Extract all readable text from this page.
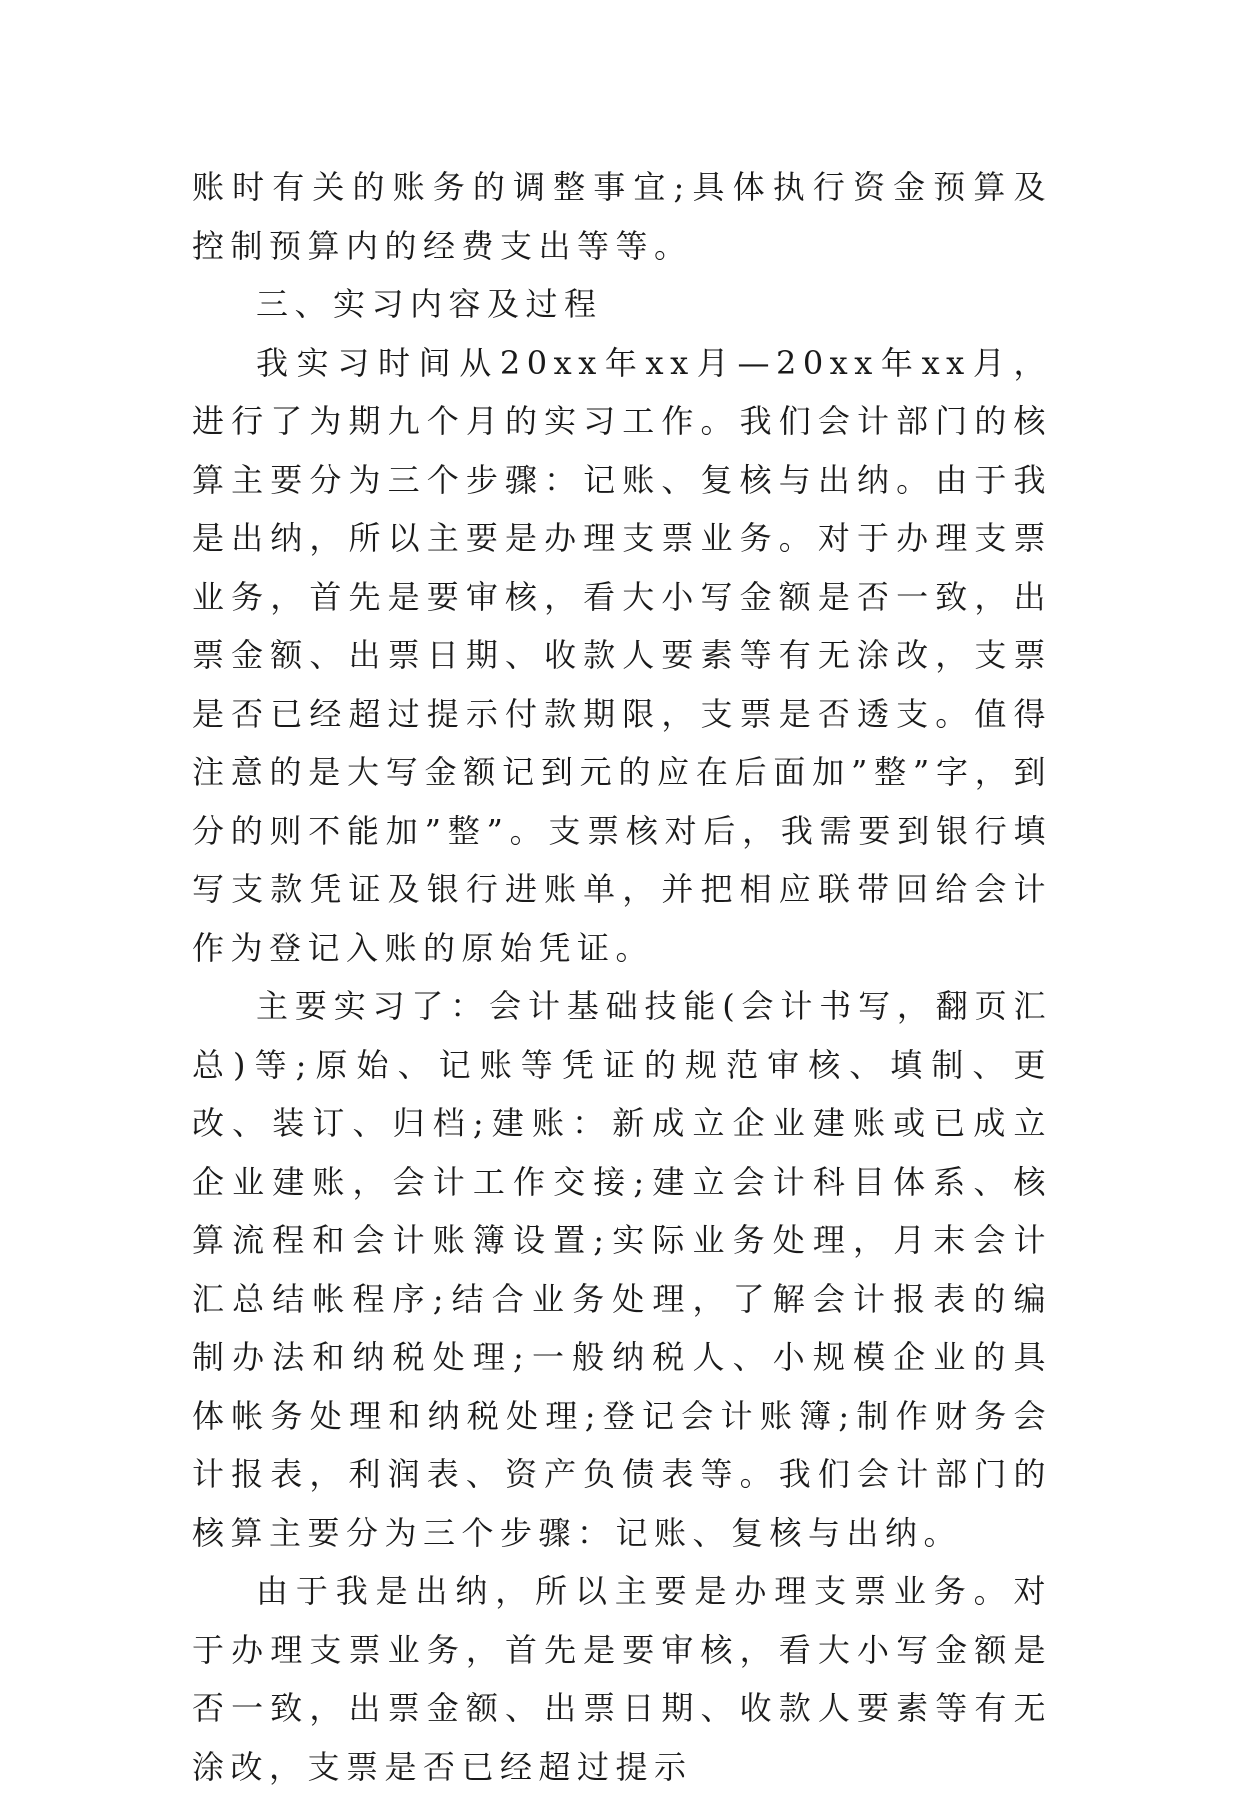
账时有关的账务的调整事宜;具体执行资金预算及控制预算内的经费支出等等。

三、实习内容及过程

我实习时间从20xx年xx月—20xx年xx月，进行了为期九个月的实习工作。我们会计部门的核算主要分为三个步骤：记账、复核与出纳。由于我是出纳，所以主要是办理支票业务。对于办理支票业务，首先是要审核，看大小写金额是否一致，出票金额、出票日期、收款人要素等有无涂改，支票是否已经超过提示付款期限，支票是否透支。值得注意的是大写金额记到元的应在后面加”整”字，到分的则不能加”整”。支票核对后，我需要到银行填写支款凭证及银行进账单，并把相应联带回给会计作为登记入账的原始凭证。

主要实习了：会计基础技能(会计书写，翻页汇总)等;原始、记账等凭证的规范审核、填制、更改、装订、归档;建账：新成立企业建账或已成立企业建账，会计工作交接;建立会计科目体系、核算流程和会计账簿设置;实际业务处理，月末会计汇总结帐程序;结合业务处理，了解会计报表的编制办法和纳税处理;一般纳税人、小规模企业的具体帐务处理和纳税处理;登记会计账簿;制作财务会计报表，利润表、资产负债表等。我们会计部门的核算主要分为三个步骤：记账、复核与出纳。

由于我是出纳，所以主要是办理支票业务。对于办理支票业务，首先是要审核，看大小写金额是否一致，出票金额、出票日期、收款人要素等有无涂改，支票是否已经超过提示
